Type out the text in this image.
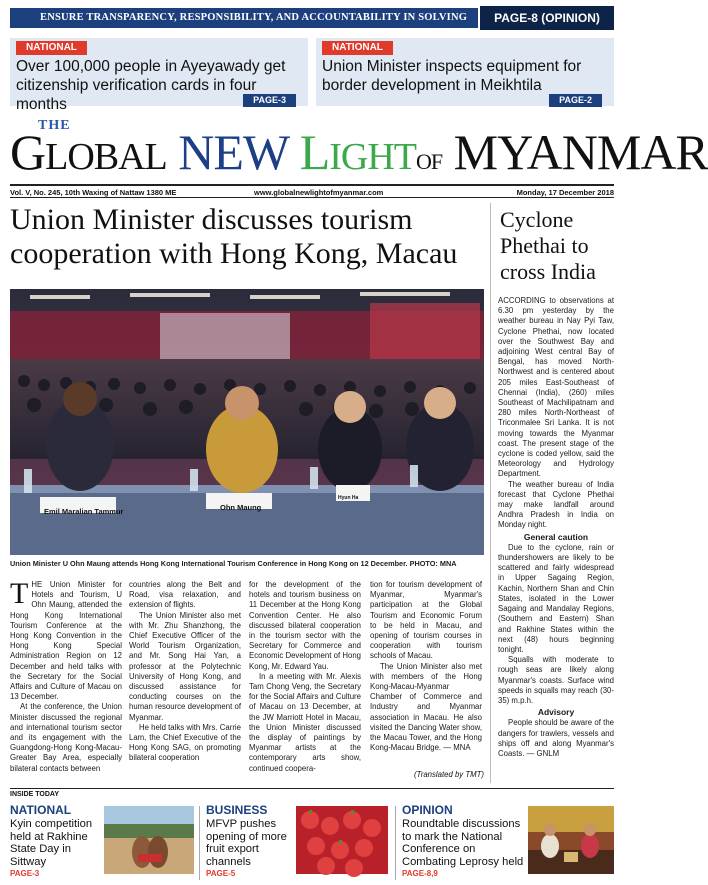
ENSURE TRANSPARENCY, RESPONSIBILITY, AND ACCOUNTABILITY IN SOLVING	PAGE-8 (OPINION)
NATIONAL
Over 100,000 people in Ayeyawady get citizenship verification cards in four months	PAGE-3
NATIONAL
Union Minister inspects equipment for border development in Meikhtila
PAGE-2
THE
GLOBAL NEW LIGHTOF MYANMAR
Vol. V, No. 245, 10th Waxing of Nattaw 1380 ME	www.globalnewlightofmyanmar.com	Monday, 17 December 2018
Union Minister discusses tourism cooperation with Hong Kong, Macau
Emil Maralian Tammur	Ohn Maung
Hyun Ha
Union Minister U Ohn Maung attends Hong Kong International Tourism Conference in Hong Kong on 12 December. PHOTO: MNA

THE Union Minister for Hotels and Tourism, U Ohn Maung, attended the Hong Kong International Tourism Conference at the Hong Kong Convention in the Hong Kong Special Administration Region on 12 December and held talks with the Secretary for the Social Affairs and Culture of Macau on 13 December.

At the conference, the Union Minister discussed the regional and international tourism sector and its engagement with the Guangdong-Hong Kong-Macau-Greater Bay Area, especially bilateral contacts between

countries along the Belt and Road, visa relaxation, and extension of flights.

The Union Minister also met with Mr. Zhu Shanzhong, the Chief Executive Officer of the World Tourism Organization, and Mr. Song Hai Yan, a professor at the Polytechnic University of Hong Kong, and discussed assistance for conducting courses on the human resource development of Myanmar.

He held talks with Mrs. Carrie Lam, the Chief Executive of the Hong Kong SAG, on promoting bilateral cooperation

for the development of the hotels and tourism business on 11 December at the Hong Kong Convention Center. He also discussed bilateral cooperation in the tourism sector with the Secretary for Commerce and Economic Development of Hong Kong, Mr. Edward Yau.

In a meeting with Mr. Alexis Tam Chong Veng, the Secretary for the Social Affairs and Culture of Macau on 13 December, at the JW Marriott Hotel in Macau, the Union Minister discussed the display of paintings by Myanmar artists at the contemporary arts show, continued coopera-

tion for tourism development of Myanmar, Myanmar's participation at the Global Tourism and Economic Forum to be held in Macau, and opening of tourism courses in cooperation with tourism schools of Macau.

The Union Minister also met with members of the Hong Kong-Macau-Myanmar Chamber of Commerce and Industry and Myanmar association in Macau. He also visited the Dancing Water show, the Macau Tower, and the Hong Kong-Macau Bridge. — MNA

(Translated by TMT)
Cyclone Phethai to cross India

ACCORDING to observations at 6.30 pm yesterday by the weather bureau in Nay Pyi Taw, Cyclone Phethai, now located over the Southwest Bay and adjoining West central Bay of Bengal, has moved North-Northwest and is centered about 205 miles East-Southeast of Chennai (India), (260) miles Southeast of Machilipatnam and 280 miles North-Northeast of Triconmalee Sri Lanka. It is not moving towards the Myanmar coast. The present stage of the cyclone is coded yellow, said the Meteorology and Hydrology Department.

The weather bureau of India forecast that Cyclone Phethai may make landfall around Andhra Pradesh in India on Monday night.

General caution

Due to the cyclone, rain or thundershowers are likely to be scattered and fairly widespread in Upper Sagaing Region, Kachin, Northern Shan and Chin States, isolated in the Lower Sagaing and Mandalay Regions, (Southern and Eastern) Shan and Rakhine States within the next (48) hours beginning tonight.

Squalls with moderate to rough seas are likely along Myanmar's coasts. Surface wind speeds in squalls may reach (30-35) m.p.h.

Advisory

People should be aware of the dangers for trawlers, vessels and ships off and along Myanmar's Coasts. — GNLM

INSIDE TODAY
NATIONAL
Kyin competition held at Rakhine State Day in Sittway
PAGE-3
BUSINESS
MFVP pushes opening of more fruit export channels
PAGE-5
OPINION
Roundtable discussions to mark the National Conference on Combating Leprosy held
PAGE-8,9
